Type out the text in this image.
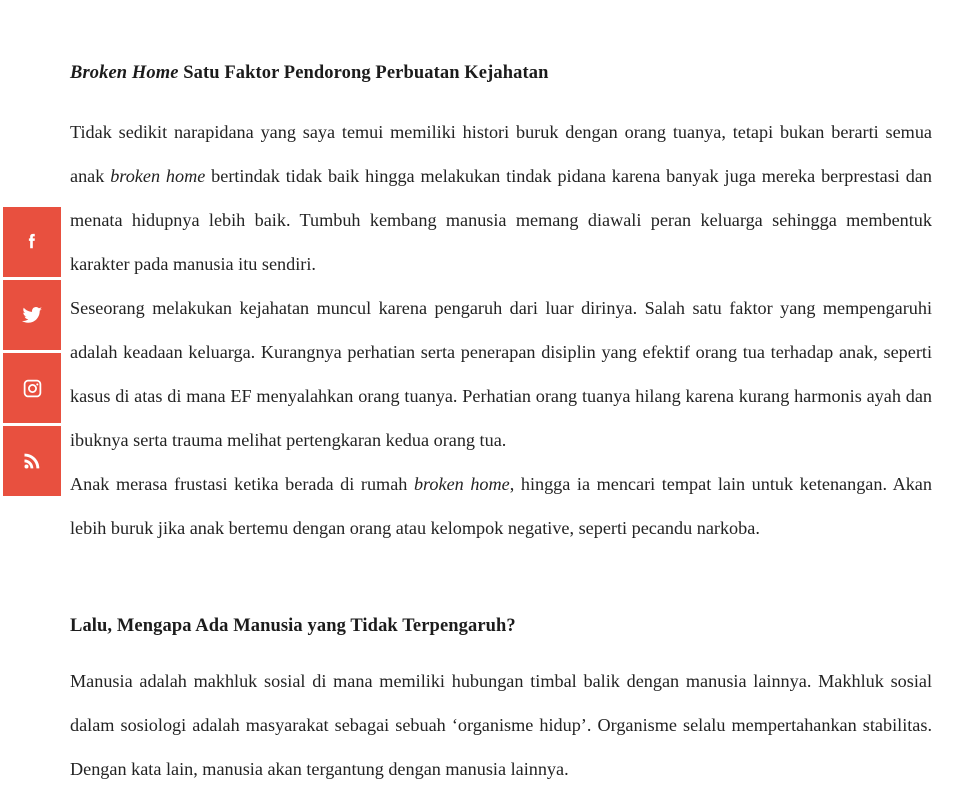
Broken Home Satu Faktor Pendorong Perbuatan Kejahatan

Tidak sedikit narapidana yang saya temui memiliki histori buruk dengan orang tuanya, tetapi bukan berarti semua anak broken home bertindak tidak baik hingga melakukan tindak pidana karena banyak juga mereka berprestasi dan menata hidupnya lebih baik. Tumbuh kembang manusia memang diawali peran keluarga sehingga membentuk karakter pada manusia itu sendiri.

Seseorang melakukan kejahatan muncul karena pengaruh dari luar dirinya. Salah satu faktor yang mempengaruhi adalah keadaan keluarga. Kurangnya perhatian serta penerapan disiplin yang efektif orang tua terhadap anak, seperti kasus di atas di mana EF menyalahkan orang tuanya. Perhatian orang tuanya hilang karena kurang harmonis ayah dan ibuknya serta trauma melihat pertengkaran kedua orang tua.

Anak merasa frustasi ketika berada di rumah broken home, hingga ia mencari tempat lain untuk ketenangan. Akan lebih buruk jika anak bertemu dengan orang atau kelompok negative, seperti pecandu narkoba.

Lalu, Mengapa Ada Manusia yang Tidak Terpengaruh?

Manusia adalah makhluk sosial di mana memiliki hubungan timbal balik dengan manusia lainnya. Makhluk sosial dalam sosiologi adalah masyarakat sebagai sebuah ‘organisme hidup’. Organisme selalu mempertahankan stabilitas. Dengan kata lain, manusia akan tergantung dengan manusia lainnya.
